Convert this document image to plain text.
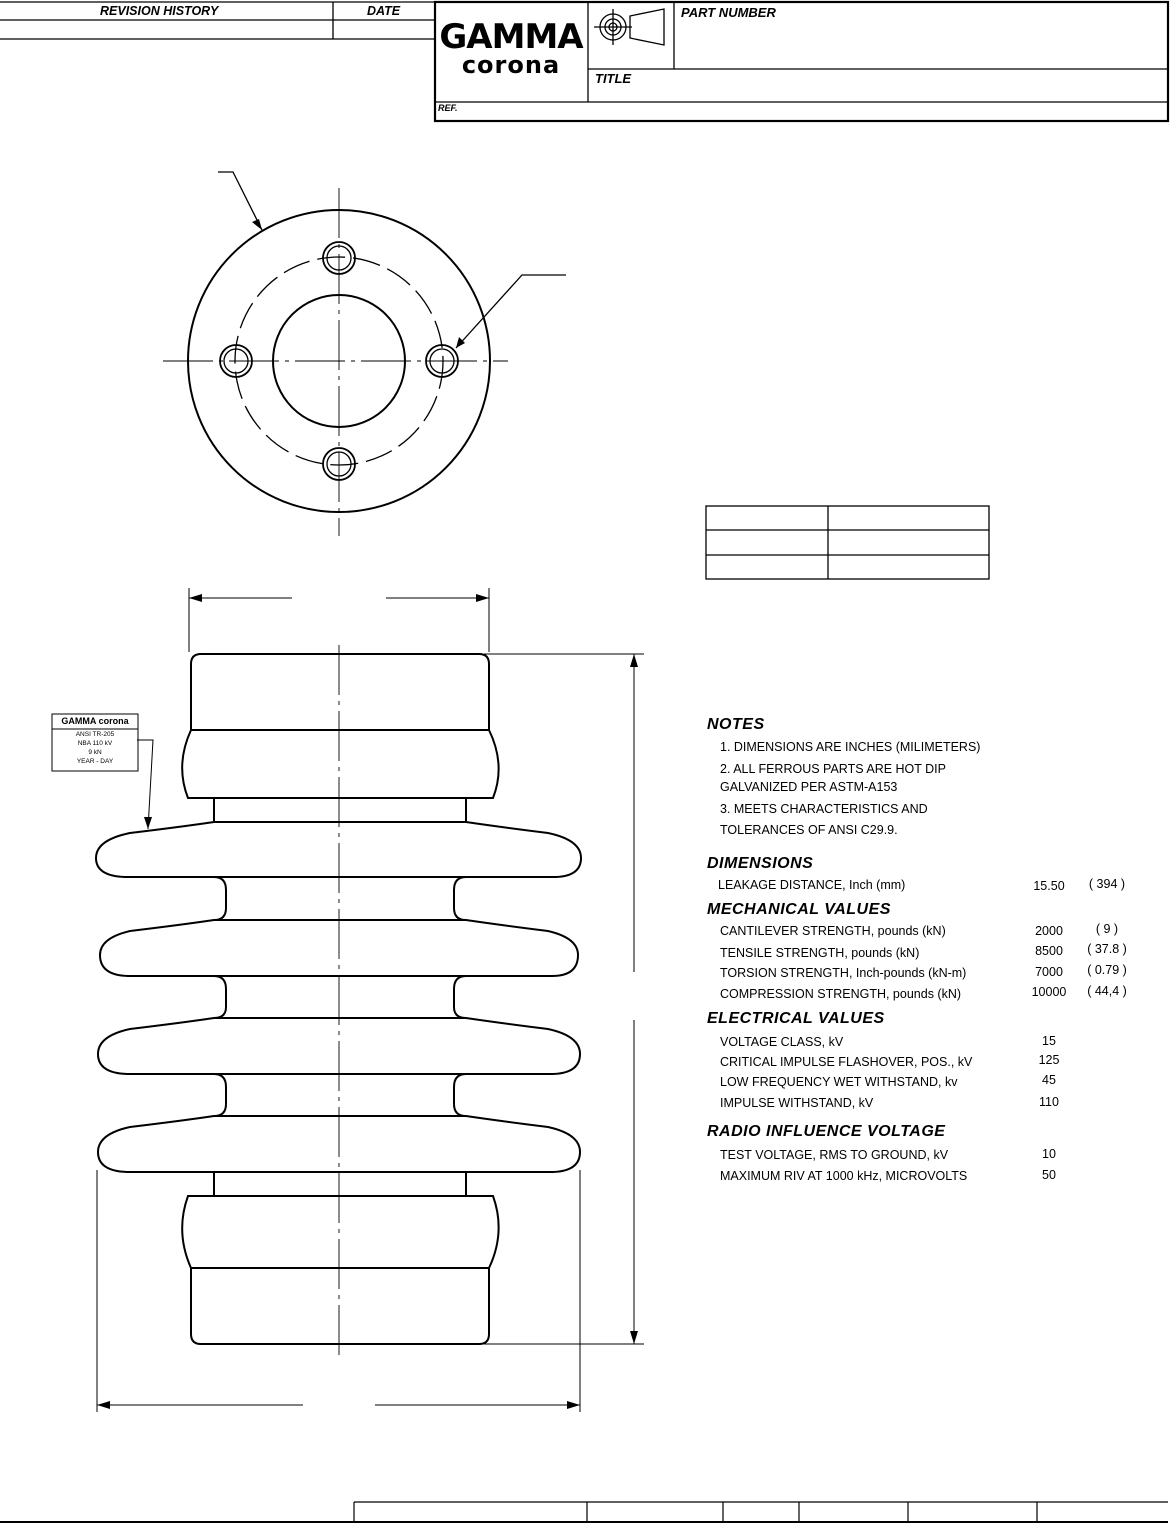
REVISION HISTORY	DATE	PART NUMBER
TITLE
REF.
GAMMA
corona
GAMMA corona
ANSI TR-205
NBA 110 kV
9 kN
YEAR - DAY
NOTES
1. DIMENSIONS ARE INCHES (MILIMETERS)
2. ALL FERROUS PARTS ARE HOT DIP
GALVANIZED PER ASTM-A153
3. MEETS CHARACTERISTICS AND
TOLERANCES OF ANSI C29.9.
DIMENSIONS
LEAKAGE DISTANCE, Inch (mm)	15.50	( 394 )
MECHANICAL VALUES
CANTILEVER STRENGTH, pounds (kN)	2000	( 9 )
TENSILE STRENGTH, pounds (kN)	8500	( 37.8 )
TORSION STRENGTH, Inch-pounds (kN-m)	7000	( 0.79 )
COMPRESSION STRENGTH, pounds (kN)	10000	( 44,4 )
ELECTRICAL VALUES
VOLTAGE CLASS, kV	15
CRITICAL IMPULSE FLASHOVER, POS., kV	125
LOW FREQUENCY WET WITHSTAND, kv	45
IMPULSE WITHSTAND, kV	110
RADIO INFLUENCE VOLTAGE
TEST VOLTAGE, RMS TO GROUND, kV	10
MAXIMUM RIV AT 1000 kHz, MICROVOLTS	50
